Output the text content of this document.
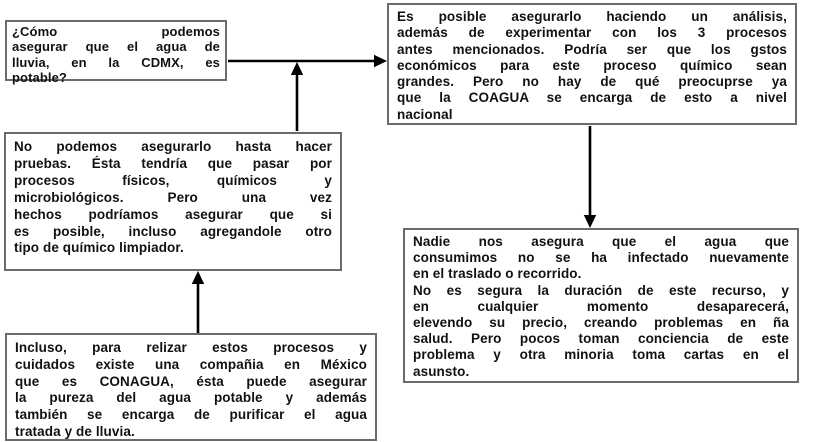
¿Cómo podemos
asegurar que el agua de
lluvia, en la CDMX, es
potable?
Es posible asegurarlo haciendo un análisis,
además de experimentar con los 3 procesos
antes mencionados. Podría ser que los gstos
económicos para este proceso químico sean
grandes. Pero no hay de qué preocuprse ya
que la COAGUA se encarga de esto a nivel
nacional
No podemos asegurarlo hasta hacer
pruebas. Ésta tendría que pasar por
procesos físicos, químicos y
microbiológicos. Pero una vez
hechos podríamos asegurar que si
es posible, incluso agregandole otro
tipo de químico limpiador.	Nadie nos asegura que el agua que
consumimos no se ha infectado nuevamente
en el traslado o recorrido.
No es segura la duración de este recurso, y
en cualquier momento desaparecerá,
elevendo su precio, creando problemas en ña
salud. Pero pocos toman conciencia de este
problema y otra minoria toma cartas en el
asunsto.
Incluso, para relizar estos procesos y
cuidados existe una compañia en México
que es CONAGUA, ésta puede asegurar
la pureza del agua potable y además
también se encarga de purificar el agua
tratada y de lluvia.
